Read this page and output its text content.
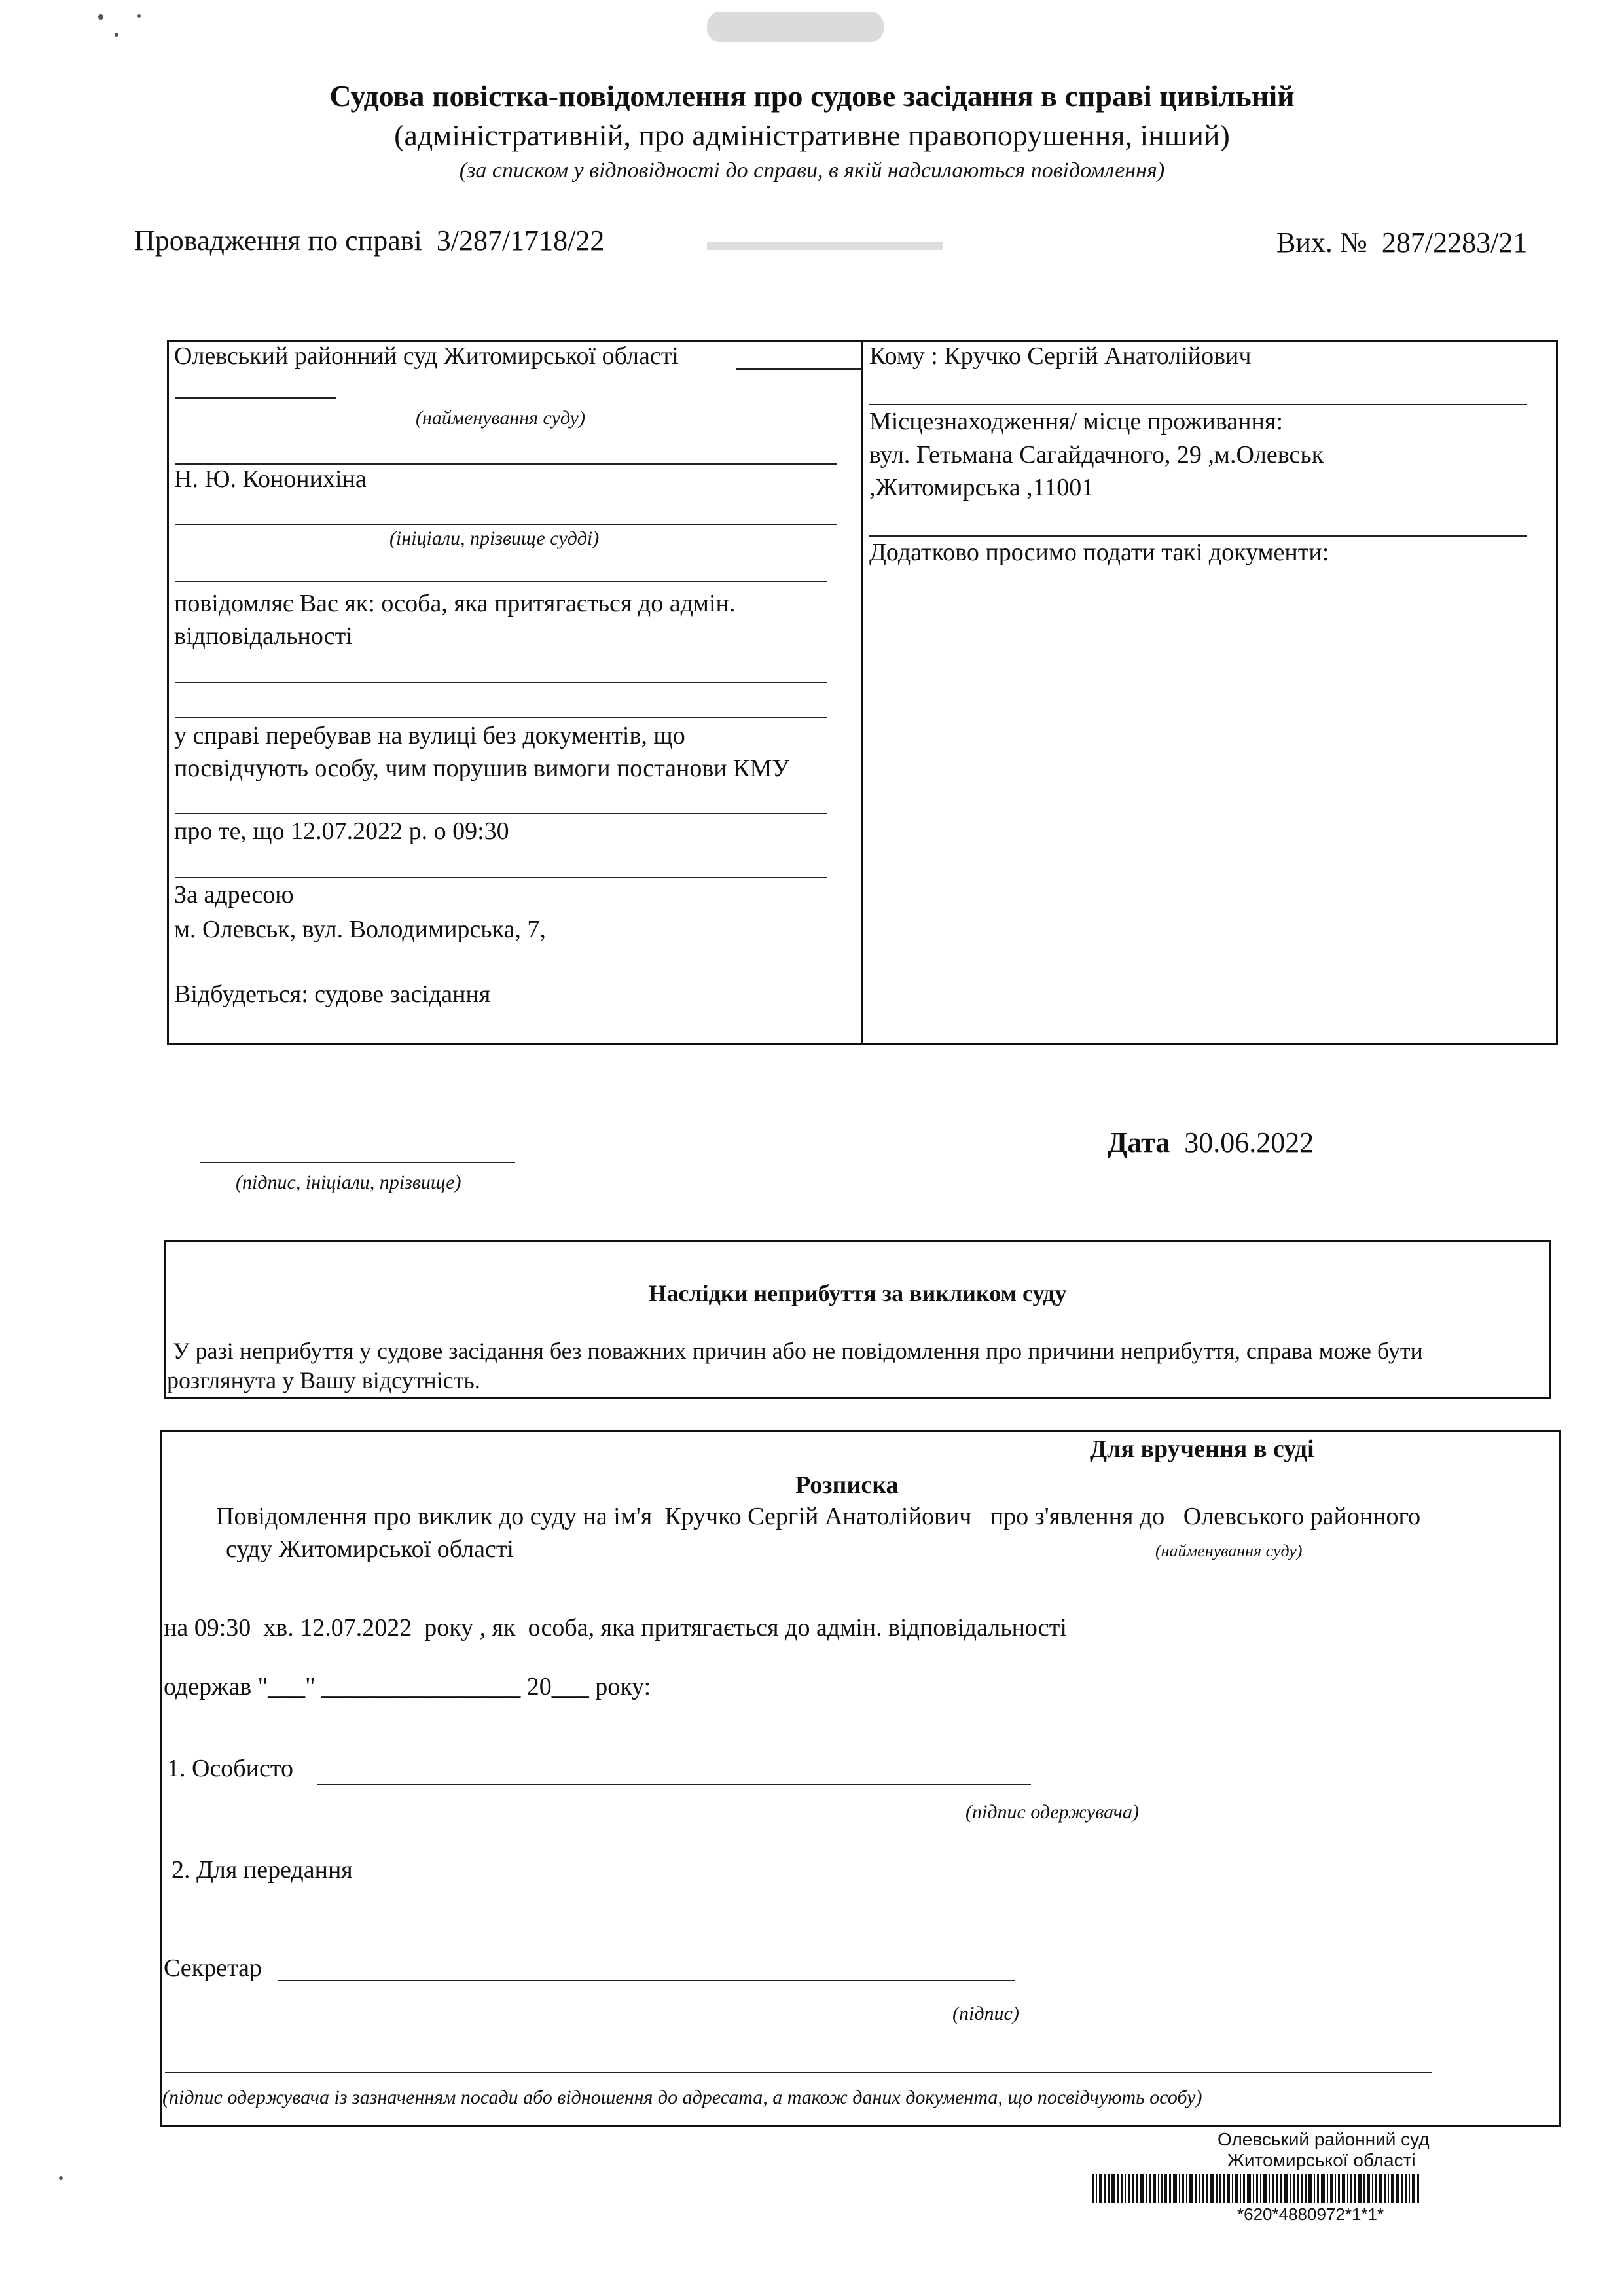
Судова повістка-повідомлення про судове засідання в справі цивільній
(адміністративній, про адміністративне правопорушення, інший)
(за списком у відповідності до справи, в якій надсилаються повідомлення)
Провадження по справі 3/287/1718/22	Вих. № 287/2283/21
Олевський районний суд Житомирської області
(найменування суду)
Н. Ю. Кононихіна
(ініціали, прізвище судді)
повідомляє Вас як: особа, яка притягається до адмін.
відповідальності
у справі перебував на вулиці без документів, що
посвідчують особу, чим порушив вимоги постанови КМУ
про те, що 12.07.2022 р. о 09:30
За адресою
м. Олевськ, вул. Володимирська, 7,
Відбудеться: судове засідання
Кому : Кручко Сергій Анатолійович
Місцезнаходження/ місце проживання:
вул. Гетьмана Сагайдачного, 29 ,м.Олевськ
,Житомирська ,11001
Додатково просимо подати такі документи:
(підпис, ініціали, прізвище)
Дата 30.06.2022
Наслідки неприбуття за викликом суду
У разі неприбуття у судове засідання без поважних причин або не повідомлення про причини неприбуття, справа може бути
розглянута у Вашу відсутність.
Для вручення в суді
Розписка
Повідомлення про виклик до суду на ім'я  Кручко Сергій Анатолійович   про з'явлення до   Олевського районного
суду Житомирської області	(найменування суду)
на 09:30  хв. 12.07.2022  року , як  особа, яка притягається до адмін. відповідальності
одержав "___" ________________ 20___ року:
1. Особисто
(підпис одержувача)
2. Для передання
Секретар
(підпис)
(підпис одержувача із зазначенням посади або відношення до адресата, а також даних документа, що посвідчують особу)
Олевський районний суд
Житомирської області
*620*4880972*1*1*
